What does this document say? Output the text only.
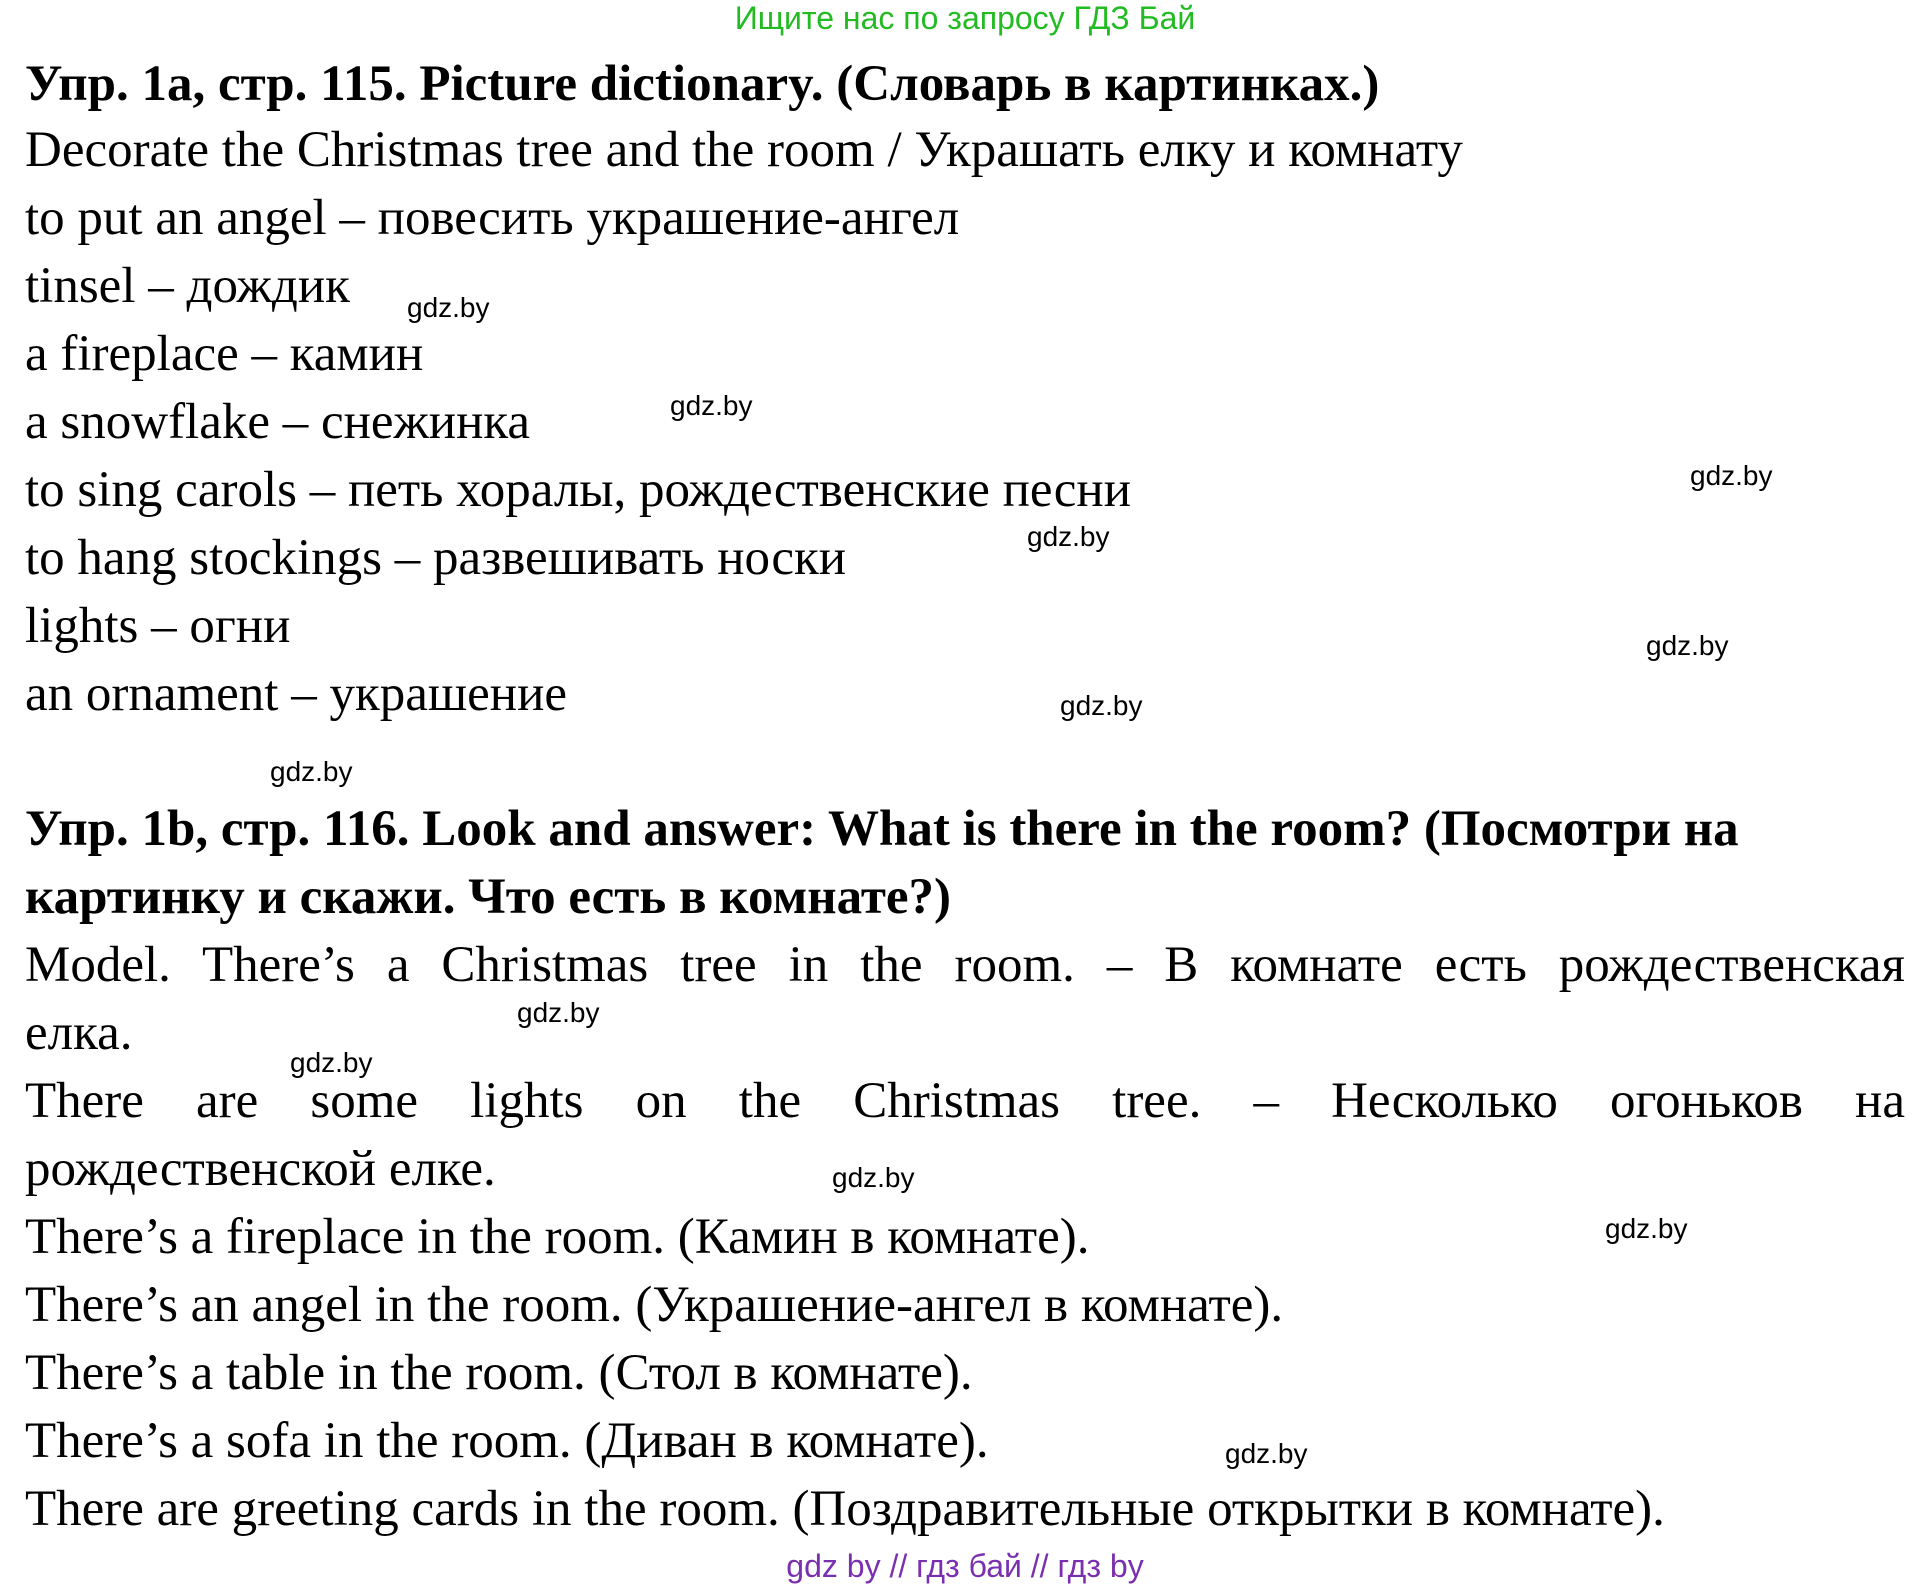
Ищите нас по запросу ГДЗ Бай
Упр. 1а, стр. 115. Picture dictionary. (Словарь в картинках.)
Decorate the Christmas tree and the room / Украшать елку и комнату
to put an angel – повесить украшение-ангел
tinsel – дождик
a fireplace – камин
a snowflake – снежинка
to sing carols – петь хоралы, рождественские песни
to hang stockings – развешивать носки
lights – огни
an ornament – украшение
Упр. 1b, стр. 116. Look and answer: What is there in the room? (Посмотри на картинку и скажи. Что есть в комнате?)
Model. There’s a Christmas tree in the room. – В комнате есть рождественская
елка.
There are some lights on the Christmas tree. – Несколько огоньков на
рождественской елке.
There’s a fireplace in the room. (Камин в комнате).
There’s an angel in the room. (Украшение-ангел в комнате).
There’s a table in the room. (Стол в комнате).
There’s a sofa in the room. (Диван в комнате).
There are greeting cards in the room. (Поздравительные открытки в комнате).
gdz.by
gdz.by
gdz.by
gdz.by
gdz.by
gdz.by
gdz.by
gdz.by
gdz.by
gdz.by
gdz.by
gdz.by
gdz by // гдз бай // гдз by
